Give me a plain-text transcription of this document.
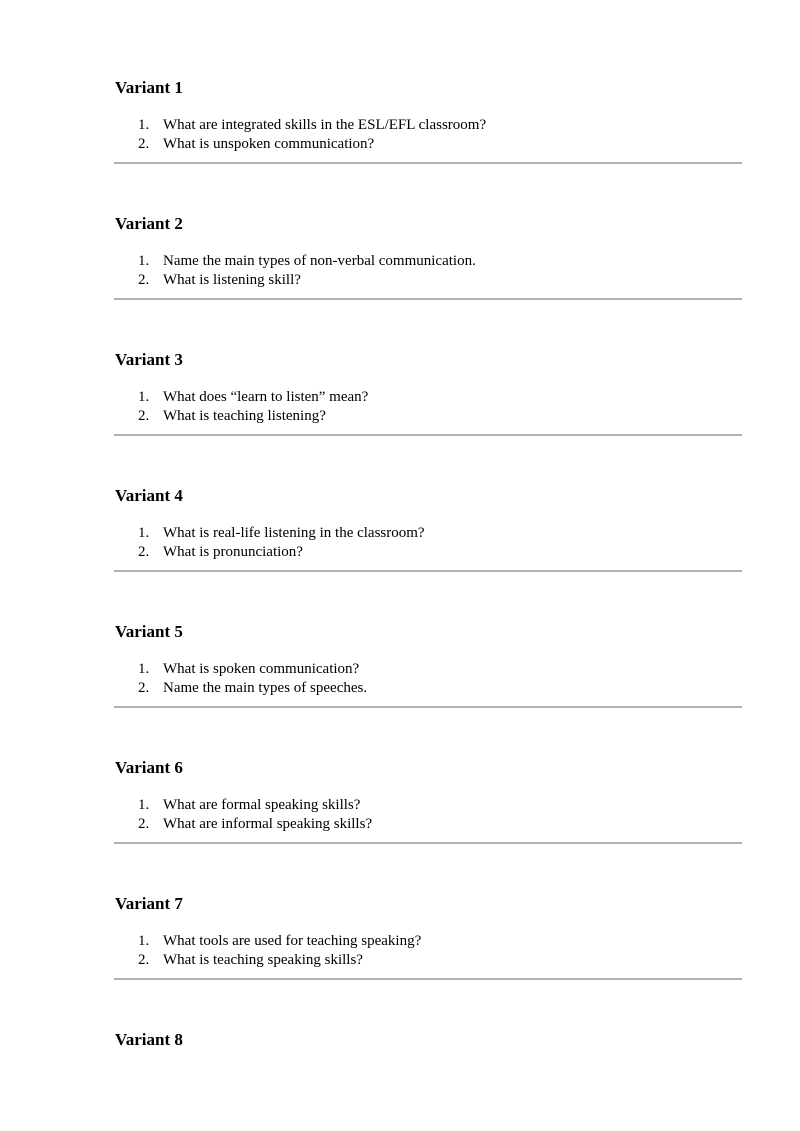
Variant 1
1. What are integrated skills in the ESL/EFL classroom?
2. What is unspoken communication?
Variant 2
1. Name the main types of non-verbal communication.
2. What is listening skill?
Variant 3
1. What does “learn to listen” mean?
2. What is teaching listening?
Variant 4
1. What is real-life listening in the classroom?
2. What is pronunciation?
Variant 5
1. What is spoken communication?
2. Name the main types of speeches.
Variant 6
1. What are formal speaking skills?
2. What are informal speaking skills?
Variant 7
1. What tools are used for teaching speaking?
2. What is teaching speaking skills?
Variant 8
